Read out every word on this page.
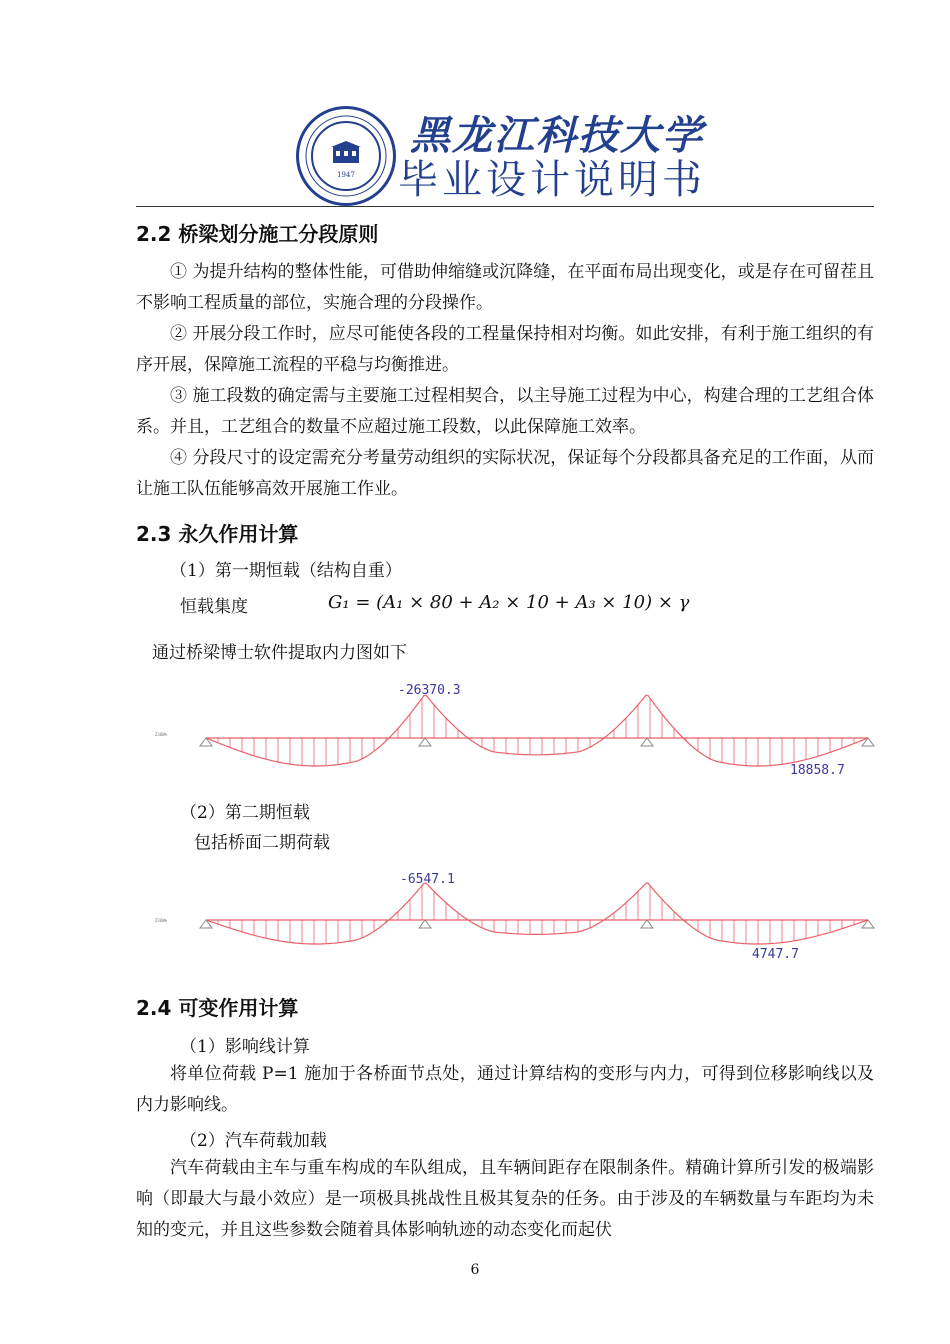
1947
黑龙江科技大学
毕业设计说明书
2.2 桥梁划分施工分段原则
① 为提升结构的整体性能，可借助伸缩缝或沉降缝，在平面布局出现变化，或是存在可留茬且不影响工程质量的部位，实施合理的分段操作。
② 开展分段工作时，应尽可能使各段的工程量保持相对均衡。如此安排，有利于施工组织的有序开展，保障施工流程的平稳与均衡推进。
③ 施工段数的确定需与主要施工过程相契合，以主导施工过程为中心，构建合理的工艺组合体系。并且，工艺组合的数量不应超过施工段数，以此保障施工效率。
④ 分段尺寸的设定需充分考量劳动组织的实际状况，保证每个分段都具备充足的工作面，从而让施工队伍能够高效开展施工作业。
2.3 永久作用计算
（1）第一期恒载（结构自重）
恒载集度	G₁ = (A₁ × 80 + A₂ × 10 + A₃ × 10) × γ
通过桥梁博士软件提取内力图如下
Z36W%
-26370.3
18858.7
（2）第二期恒载
包括桥面二期荷载
Z36W%
-6547.1
4747.7
2.4 可变作用计算
（1）影响线计算
将单位荷载 P=1 施加于各桥面节点处，通过计算结构的变形与内力，可得到位移影响线以及内力影响线。
（2）汽车荷载加载
汽车荷载由主车与重车构成的车队组成，且车辆间距存在限制条件。精确计算所引发的极端影响（即最大与最小效应）是一项极具挑战性且极其复杂的任务。由于涉及的车辆数量与车距均为未知的变元，并且这些参数会随着具体影响轨迹的动态变化而起伏
6
